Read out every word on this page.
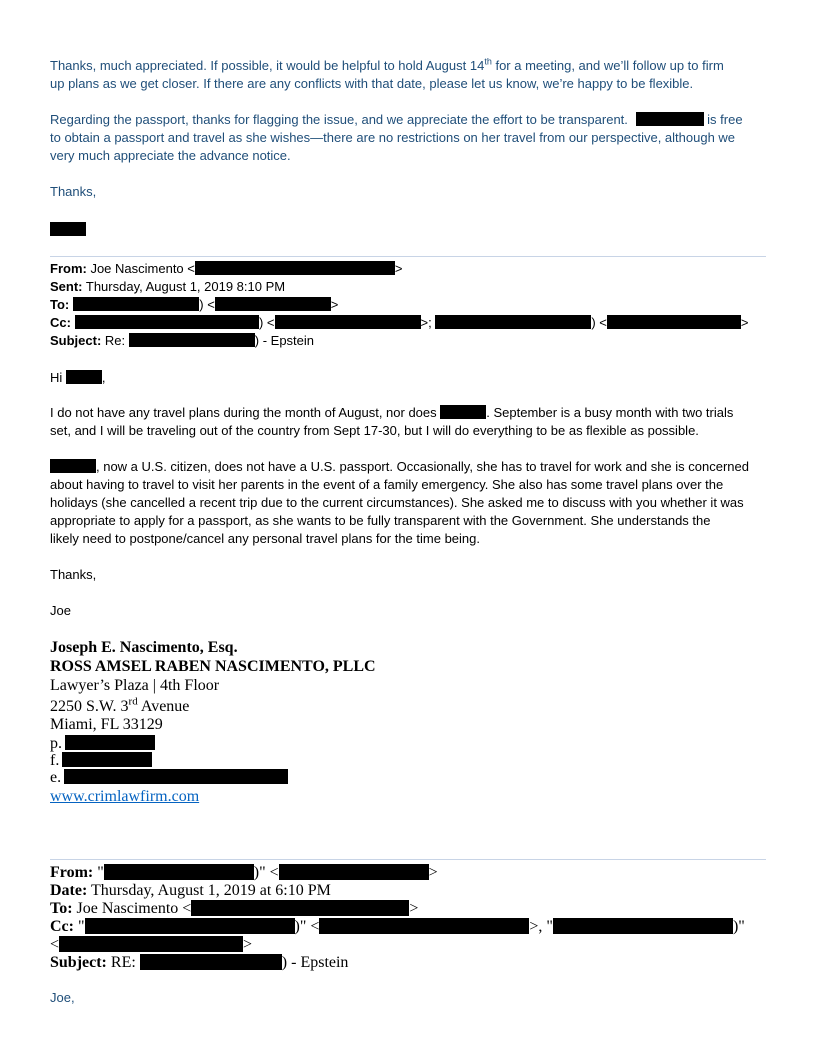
Thanks, much appreciated. If possible, it would be helpful to hold August 14th for a meeting, and we’ll follow up to firm
up plans as we get closer. If there are any conflicts with that date, please let us know, we’re happy to be flexible.
Regarding the passport, thanks for flagging the issue, and we appreciate the effort to be transparent.	is free
to obtain a passport and travel as she wishes—there are no restrictions on her travel from our perspective, although we
very much appreciate the advance notice.
Thanks,
From: Joe Nascimento <	>
Sent: Thursday, August 1, 2019 8:10 PM
To:	) <	>
Cc:	) <	>;	) <	>
Subject: Re:	) - Epstein
Hi	,
I do not have any travel plans during the month of August, nor does	. September is a busy month with two trials
set, and I will be traveling out of the country from Sept 17-30, but I will do everything to be as flexible as possible.
, now a U.S. citizen, does not have a U.S. passport. Occasionally, she has to travel for work and she is concerned
about having to travel to visit her parents in the event of a family emergency. She also has some travel plans over the
holidays (she cancelled a recent trip due to the current circumstances). She asked me to discuss with you whether it was
appropriate to apply for a passport, as she wants to be fully transparent with the Government. She understands the
likely need to postpone/cancel any personal travel plans for the time being.
Thanks,
Joe
Joseph E. Nascimento, Esq.
ROSS AMSEL RABEN NASCIMENTO, PLLC
Lawyer’s Plaza | 4th Floor
2250 S.W. 3rd Avenue
Miami, FL 33129
p.
f.
e.
www.crimlawfirm.com
From: "	)" <	>
Date: Thursday, August 1, 2019 at 6:10 PM
To: Joe Nascimento <	>
Cc: "	)" <	>, "	)"
<	>
Subject: RE:	) - Epstein
Joe,
